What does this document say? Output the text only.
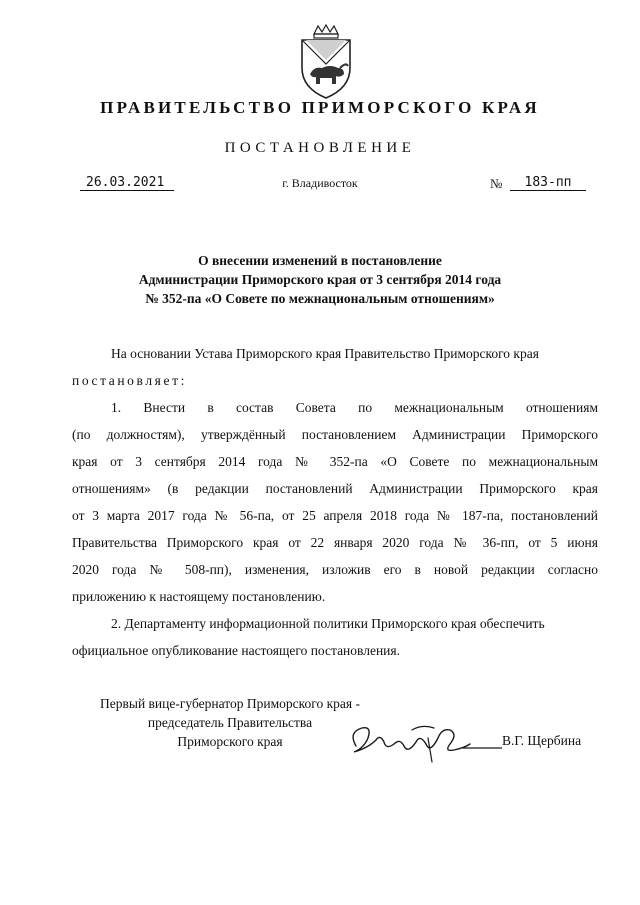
ПРАВИТЕЛЬСТВО ПРИМОРСКОГО КРАЯ
ПОСТАНОВЛЕНИЕ
26.03.2021	г. Владивосток	№	183-пп
О внесении изменений в постановление
Администрации Приморского края от 3 сентября 2014 года
№ 352-па «О Совете по межнациональным отношениям»
На основании Устава Приморского края Правительство Приморского края
постановляет:
1. Внести в состав Совета по межнациональным отношениям
(по должностям), утверждённый постановлением Администрации Приморского
края от 3 сентября 2014 года № 352-па «О Совете по межнациональным
отношениям» (в редакции постановлений Администрации Приморского края
от 3 марта 2017 года № 56-па, от 25 апреля 2018 года № 187-па, постановлений
Правительства Приморского края от 22 января 2020 года № 36-пп, от 5 июня
2020 года № 508-пп), изменения, изложив его в новой редакции согласно
приложению к настоящему постановлению.
2. Департаменту информационной политики Приморского края обеспечить
официальное опубликование настоящего постановления.
Первый вице-губернатор Приморского края -
председатель Правительства
Приморского края	В.Г. Щербина
